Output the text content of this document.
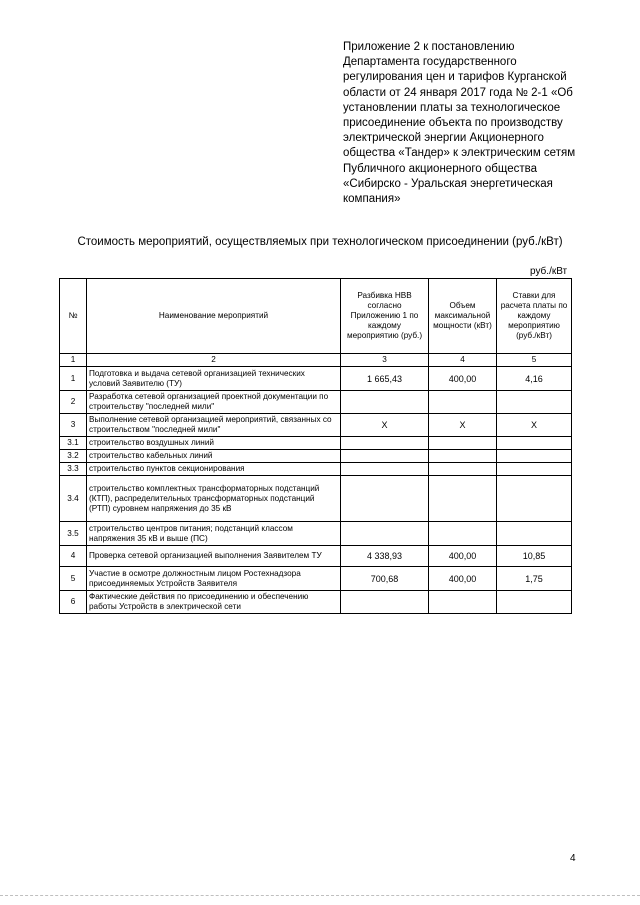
Приложение 2 к постановлению
Департамента государственного
регулирования цен и тарифов Курганской
области от 24 января 2017 года № 2-1 «Об
установлении платы за технологическое
присоединение объекта по производству
электрической энергии Акционерного
общества «Тандер» к электрическим сетям
Публичного акционерного общества
«Сибирско - Уральская энергетическая
компания»
Стоимость мероприятий, осуществляемых при технологическом присоединении (руб./кВт)
руб./кВт
№	Наименование мероприятий	Разбивка НВВ согласно Приложению 1 по каждому мероприятию (руб.)	Объем максимальной мощности (кВт)	Ставки для расчета платы по каждому мероприятию (руб./кВт)
1	2	3	4	5
1	Подготовка и выдача сетевой организацией технических условий Заявителю (ТУ)	1 665,43	400,00	4,16
2	Разработка сетевой организацией проектной документации по строительству "последней мили"			
3	Выполнение сетевой организацией мероприятий, связанных со строительством "последней мили"	X	X	X
3.1	строительство воздушных линий			
3.2	строительство кабельных линий			
3.3	строительство пунктов секционирования			
3.4	строительство комплектных трансформаторных подстанций (КТП), распределительных трансформаторных подстанций (РТП) суровнем напряжения до 35 кВ			
3.5	строительство центров питания; подстанций классом напряжения 35 кВ и выше (ПС)			
4	Проверка сетевой организацией выполнения Заявителем ТУ	4 338,93	400,00	10,85
5	Участие в осмотре должностным лицом Ростехнадзора присоединяемых Устройств Заявителя	700,68	400,00	1,75
6	Фактические действия по присоединению и обеспечению работы Устройств в электрической сети			
4
